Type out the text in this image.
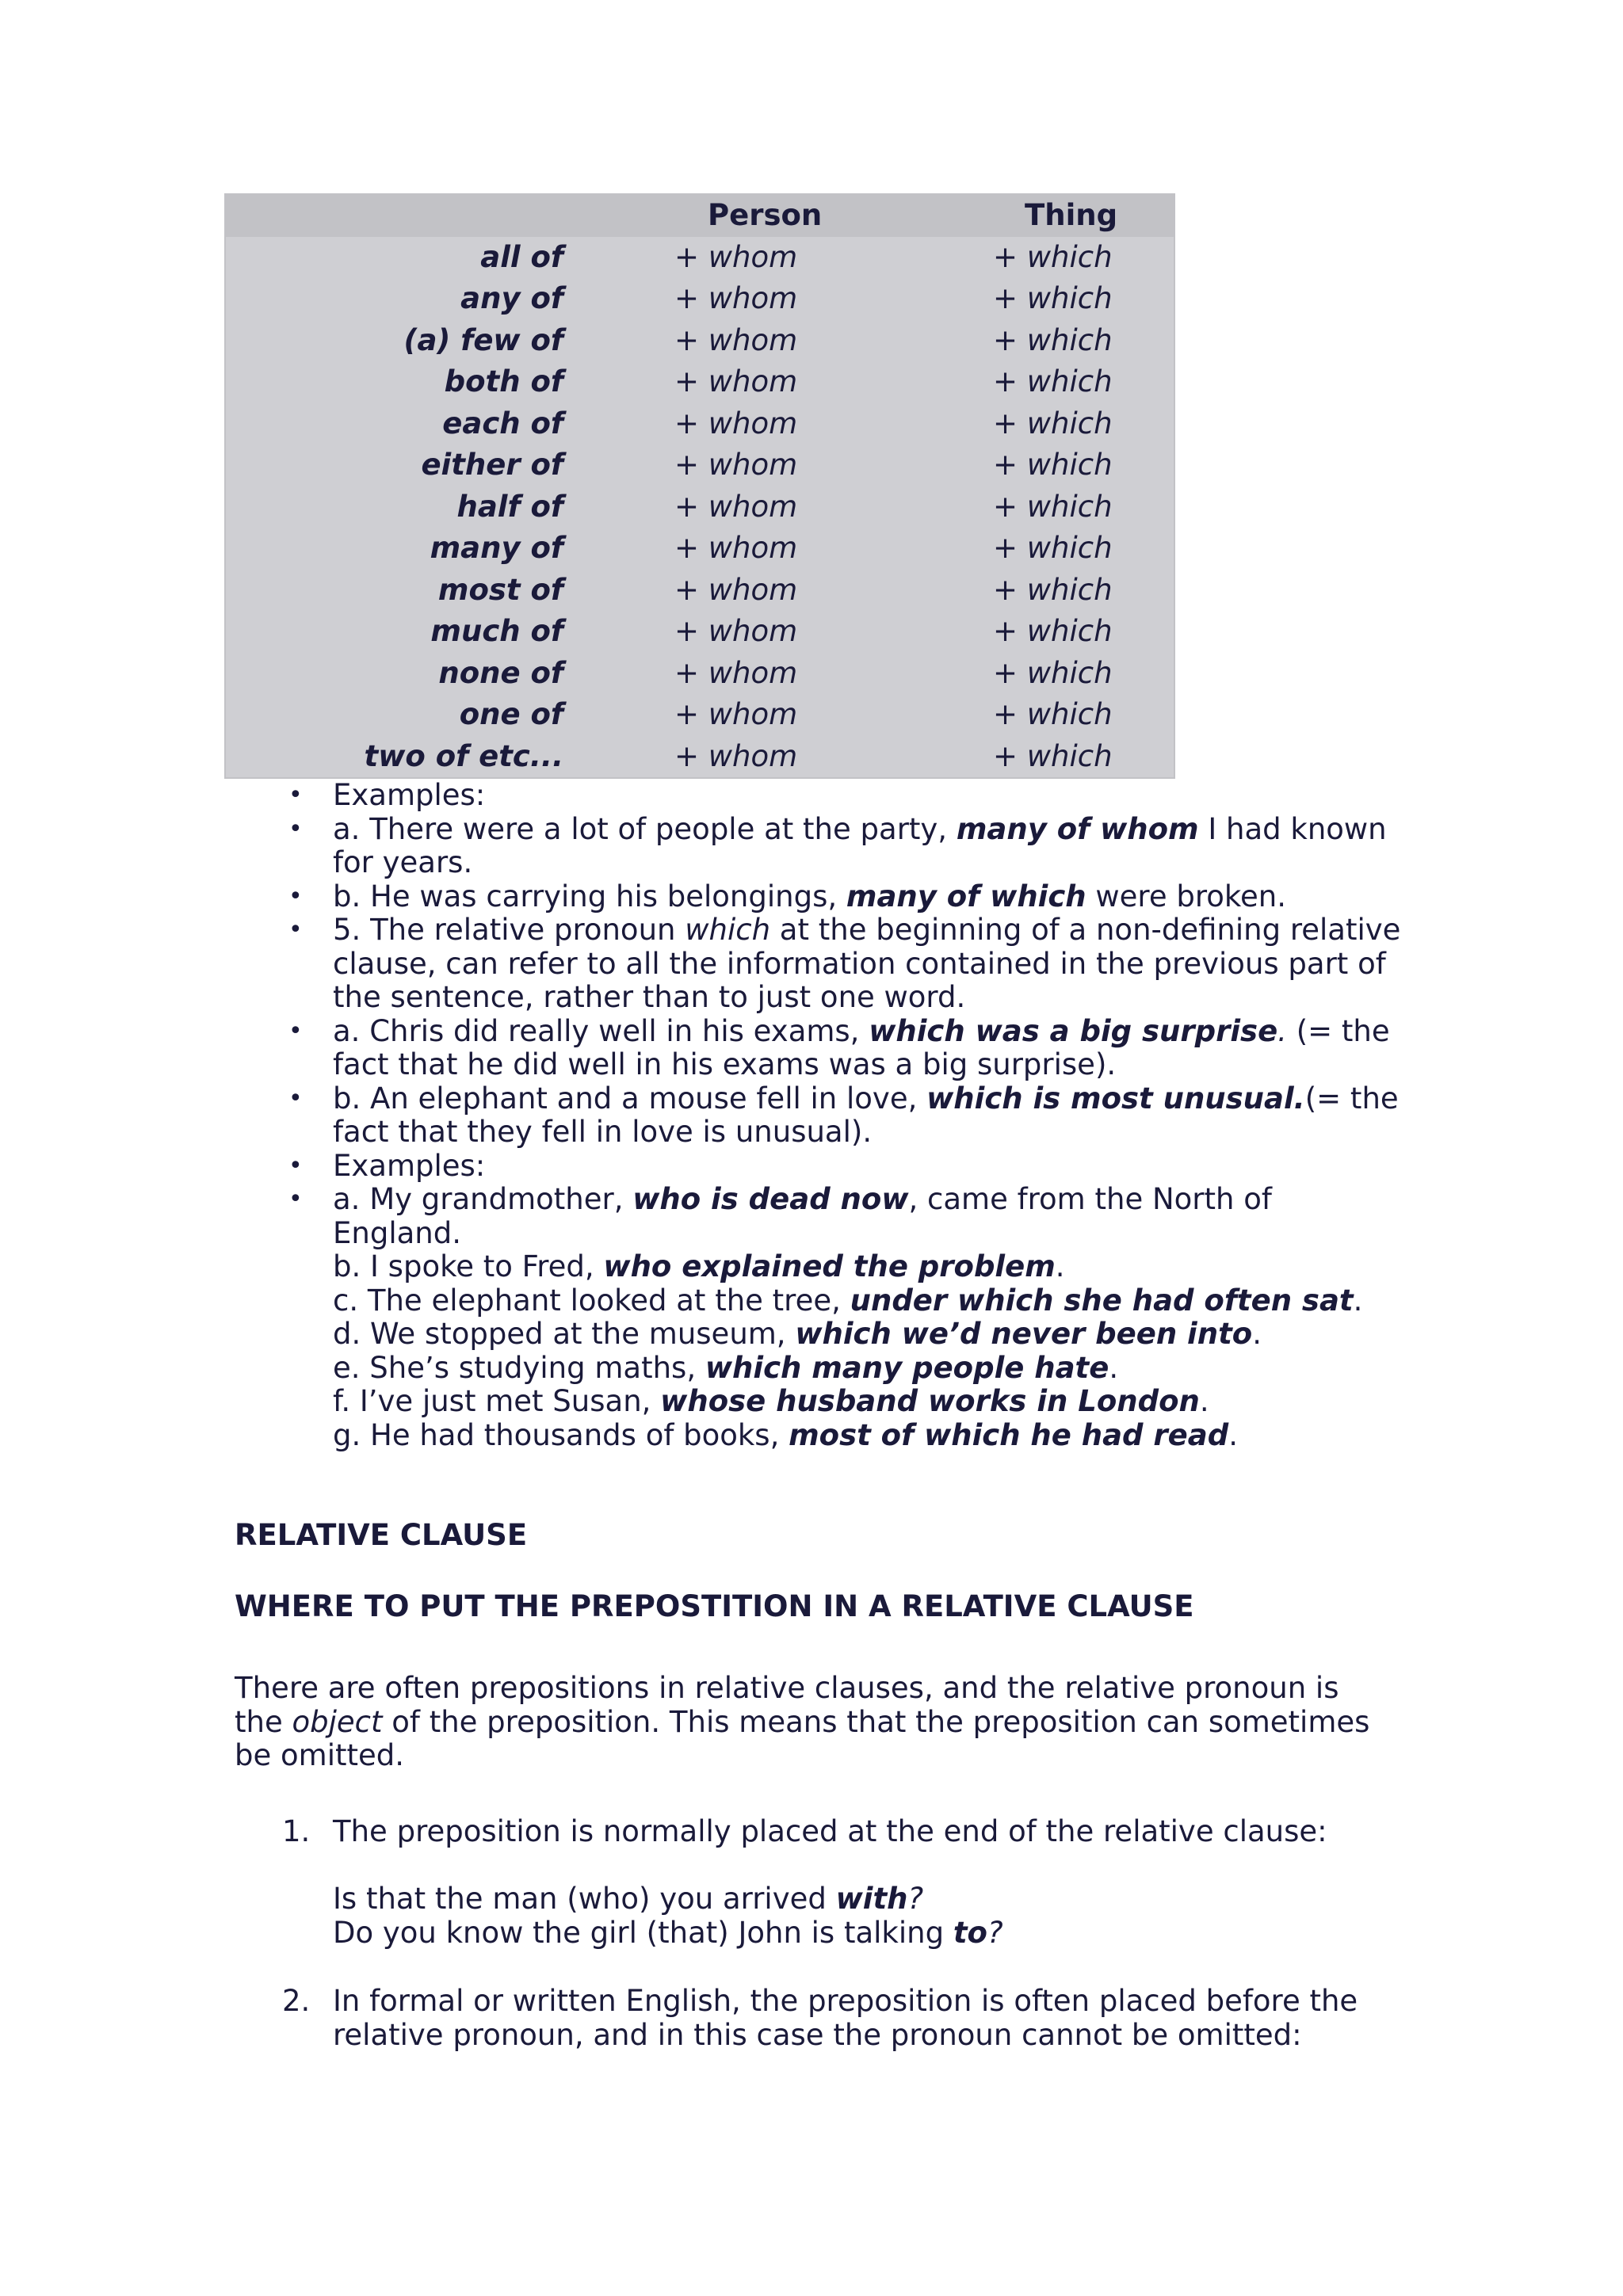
	Person	Thing
all of	+ whom	+ which
any of	+ whom	+ which
(a) few of	+ whom	+ which
both of	+ whom	+ which
each of	+ whom	+ which
either of	+ whom	+ which
half of	+ whom	+ which
many of	+ whom	+ which
most of	+ whom	+ which
much of	+ whom	+ which
none of	+ whom	+ which
one of	+ whom	+ which
two of etc...	+ whom	+ which
• Examples:
• a. There were a lot of people at the party, many of whom I had known for years.
• b. He was carrying his belongings, many of which were broken.
• 5. The relative pronoun which at the beginning of a non-defining relative clause, can refer to all the information contained in the previous part of the sentence, rather than to just one word.
• a. Chris did really well in his exams, which was a big surprise. (= the fact that he did well in his exams was a big surprise).
• b. An elephant and a mouse fell in love, which is most unusual.(= the fact that they fell in love is unusual).
• Examples:
• a. My grandmother, who is dead now, came from the North of England.
b. I spoke to Fred, who explained the problem.
c. The elephant looked at the tree, under which she had often sat.
d. We stopped at the museum, which we’d never been into.
e. She’s studying maths, which many people hate.
f. I’ve just met Susan, whose husband works in London.
g. He had thousands of books, most of which he had read.
RELATIVE CLAUSE
WHERE TO PUT THE PREPOSTITION IN A RELATIVE CLAUSE

There are often prepositions in relative clauses, and the relative pronoun is the object of the preposition. This means that the preposition can sometimes be omitted.

1. The preposition is normally placed at the end of the relative clause:

Is that the man (who) you arrived with?

Do you know the girl (that) John is talking to?

2. In formal or written English, the preposition is often placed before the relative pronoun, and in this case the pronoun cannot be omitted:
